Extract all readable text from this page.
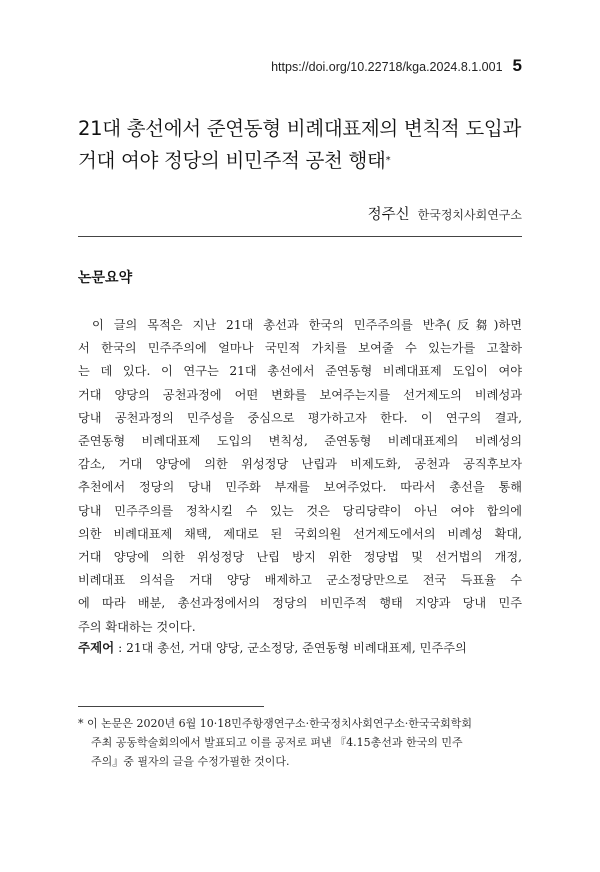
https://doi.org/10.22718/kga.2024.8.1.001 5
21대 총선에서 준연동형 비례대표제의 변칙적 도입과
거대 여야 정당의 비민주적 공천 행태*
정주신 한국정치사회연구소
논문요약
이 글의 목적은 지난 21대 총선과 한국의 민주주의를 반추(反芻)하면
서 한국의 민주주의에 얼마나 국민적 가치를 보여줄 수 있는가를 고찰하
는 데 있다. 이 연구는 21대 총선에서 준연동형 비례대표제 도입이 여야
거대 양당의 공천과정에 어떤 변화를 보여주는지를 선거제도의 비례성과
당내 공천과정의 민주성을 중심으로 평가하고자 한다. 이 연구의 결과,
준연동형 비례대표제 도입의 변칙성, 준연동형 비례대표제의 비례성의
감소, 거대 양당에 의한 위성정당 난립과 비제도화, 공천과 공직후보자
추천에서 정당의 당내 민주화 부재를 보여주었다. 따라서 총선을 통해
당내 민주주의를 정착시킬 수 있는 것은 당리당략이 아닌 여야 합의에
의한 비례대표제 채택, 제대로 된 국회의원 선거제도에서의 비례성 확대,
거대 양당에 의한 위성정당 난립 방지 위한 정당법 및 선거법의 개정,
비례대표 의석을 거대 양당 배제하고 군소정당만으로 전국 득표율 수
에 따라 배분, 총선과정에서의 정당의 비민주적 행태 지양과 당내 민주
주의 확대하는 것이다.
주제어 : 21대 총선, 거대 양당, 군소정당, 준연동형 비례대표제, 민주주의
* 이 논문은 2020년 6월 10·18민주항쟁연구소·한국정치사회연구소·한국국회학회
주최 공동학술회의에서 발표되고 이를 공저로 펴낸 『4.15총선과 한국의 민주
주의』중 필자의 글을 수정가필한 것이다.
